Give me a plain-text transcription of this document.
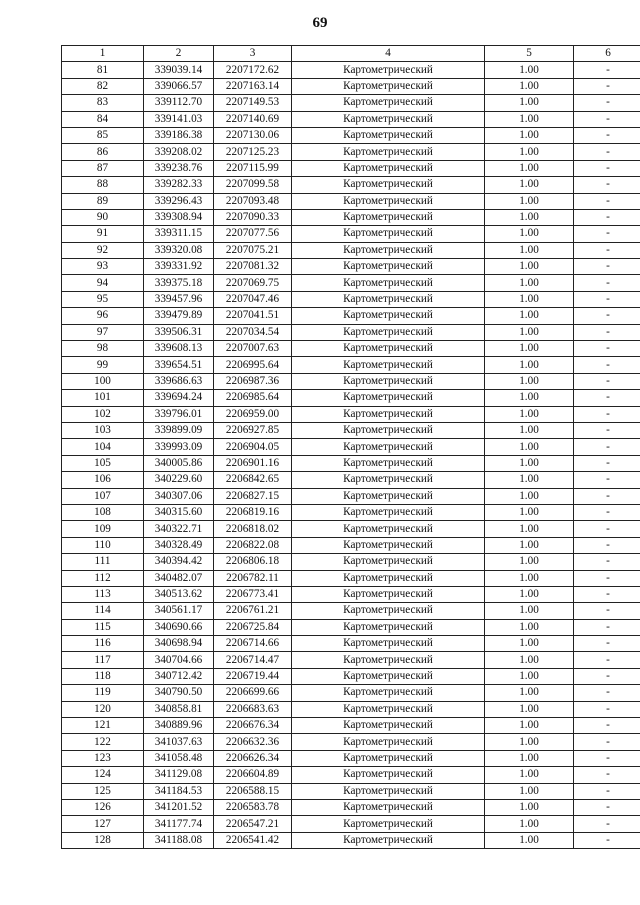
69
1	2	3	4	5	6
81	339039.14	2207172.62	Картометрический	1.00	-
82	339066.57	2207163.14	Картометрический	1.00	-
83	339112.70	2207149.53	Картометрический	1.00	-
84	339141.03	2207140.69	Картометрический	1.00	-
85	339186.38	2207130.06	Картометрический	1.00	-
86	339208.02	2207125.23	Картометрический	1.00	-
87	339238.76	2207115.99	Картометрический	1.00	-
88	339282.33	2207099.58	Картометрический	1.00	-
89	339296.43	2207093.48	Картометрический	1.00	-
90	339308.94	2207090.33	Картометрический	1.00	-
91	339311.15	2207077.56	Картометрический	1.00	-
92	339320.08	2207075.21	Картометрический	1.00	-
93	339331.92	2207081.32	Картометрический	1.00	-
94	339375.18	2207069.75	Картометрический	1.00	-
95	339457.96	2207047.46	Картометрический	1.00	-
96	339479.89	2207041.51	Картометрический	1.00	-
97	339506.31	2207034.54	Картометрический	1.00	-
98	339608.13	2207007.63	Картометрический	1.00	-
99	339654.51	2206995.64	Картометрический	1.00	-
100	339686.63	2206987.36	Картометрический	1.00	-
101	339694.24	2206985.64	Картометрический	1.00	-
102	339796.01	2206959.00	Картометрический	1.00	-
103	339899.09	2206927.85	Картометрический	1.00	-
104	339993.09	2206904.05	Картометрический	1.00	-
105	340005.86	2206901.16	Картометрический	1.00	-
106	340229.60	2206842.65	Картометрический	1.00	-
107	340307.06	2206827.15	Картометрический	1.00	-
108	340315.60	2206819.16	Картометрический	1.00	-
109	340322.71	2206818.02	Картометрический	1.00	-
110	340328.49	2206822.08	Картометрический	1.00	-
111	340394.42	2206806.18	Картометрический	1.00	-
112	340482.07	2206782.11	Картометрический	1.00	-
113	340513.62	2206773.41	Картометрический	1.00	-
114	340561.17	2206761.21	Картометрический	1.00	-
115	340690.66	2206725.84	Картометрический	1.00	-
116	340698.94	2206714.66	Картометрический	1.00	-
117	340704.66	2206714.47	Картометрический	1.00	-
118	340712.42	2206719.44	Картометрический	1.00	-
119	340790.50	2206699.66	Картометрический	1.00	-
120	340858.81	2206683.63	Картометрический	1.00	-
121	340889.96	2206676.34	Картометрический	1.00	-
122	341037.63	2206632.36	Картометрический	1.00	-
123	341058.48	2206626.34	Картометрический	1.00	-
124	341129.08	2206604.89	Картометрический	1.00	-
125	341184.53	2206588.15	Картометрический	1.00	-
126	341201.52	2206583.78	Картометрический	1.00	-
127	341177.74	2206547.21	Картометрический	1.00	-
128	341188.08	2206541.42	Картометрический	1.00	-
